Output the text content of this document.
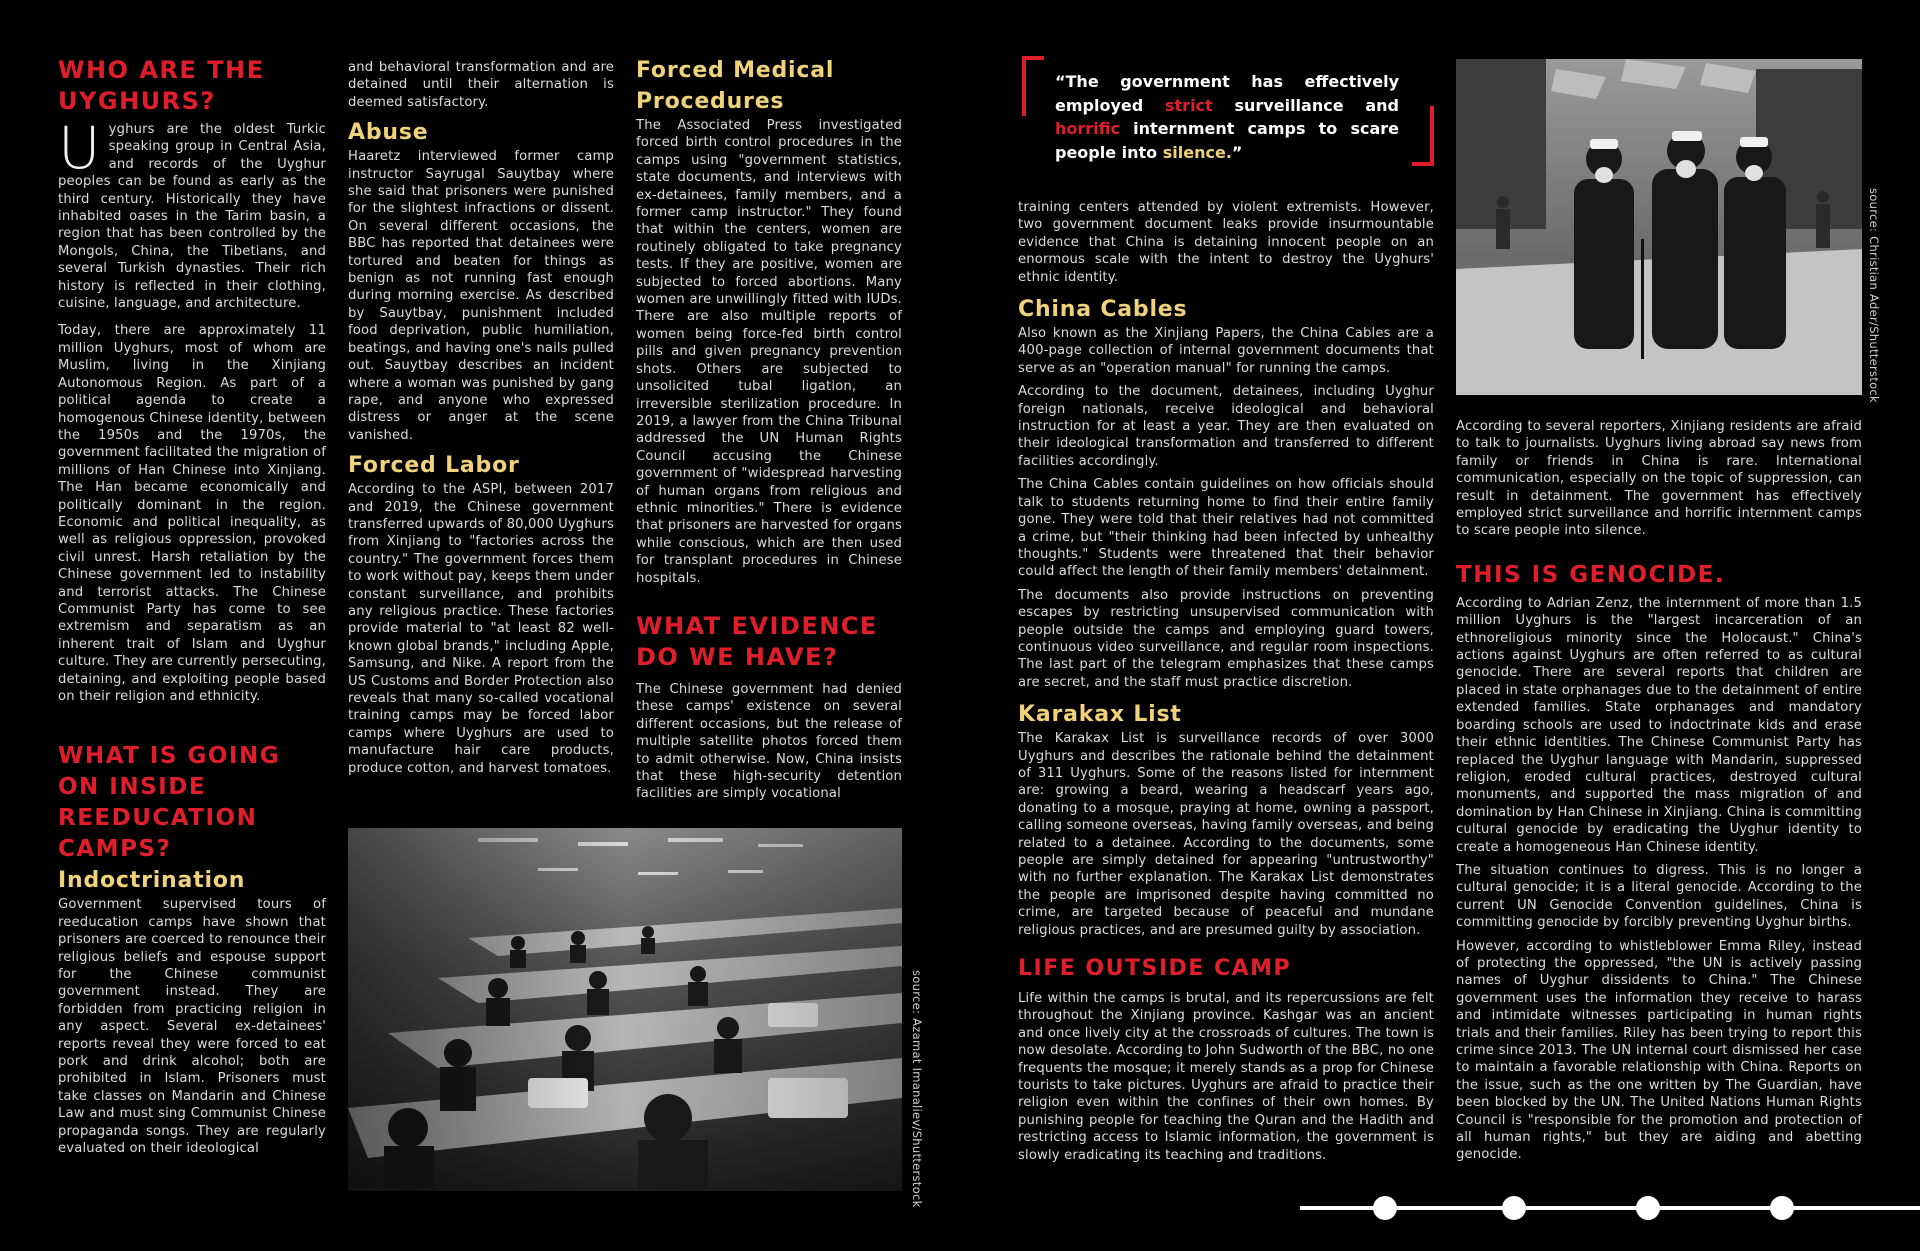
WHO ARE THE UYGHURS?

Uyghurs are the oldest Turkic speaking group in Central Asia, and records of the Uyghur peoples can be found as early as the third century. Historically they have inhabited oases in the Tarim basin, a region that has been controlled by the Mongols, China, the Tibetians, and several Turkish dynasties. Their rich history is reflected in their clothing, cuisine, language, and architecture.

Today, there are approximately 11 million Uyghurs, most of whom are Muslim, living in the Xinjiang Autonomous Region. As part of a political agenda to create a homogenous Chinese identity, between the 1950s and the 1970s, the government facilitated the migration of millions of Han Chinese into Xinjiang. The Han became economically and politically dominant in the region. Economic and political inequality, as well as religious oppression, provoked civil unrest. Harsh retaliation by the Chinese government led to instability and terrorist attacks. The Chinese Communist Party has come to see extremism and separatism as an inherent trait of Islam and Uyghur culture. They are currently persecuting, detaining, and exploiting people based on their religion and ethnicity.

WHAT IS GOING ON INSIDE REEDUCATION CAMPS?
Indoctrination

Government supervised tours of reeducation camps have shown that prisoners are coerced to renounce their religious beliefs and espouse support for the Chinese communist government instead. They are forbidden from practicing religion in any aspect. Several ex-detainees' reports reveal they were forced to eat pork and drink alcohol; both are prohibited in Islam. Prisoners must take classes on Mandarin and Chinese Law and must sing Communist Chinese propaganda songs. They are regularly evaluated on their ideological

and behavioral transformation and are detained until their alternation is deemed satisfactory.

Abuse

Haaretz interviewed former camp instructor Sayrugal Sauytbay where she said that prisoners were punished for the slightest infractions or dissent. On several different occasions, the BBC has reported that detainees were tortured and beaten for things as benign as not running fast enough during morning exercise. As described by Sauytbay, punishment included food deprivation, public humiliation, beatings, and having one's nails pulled out. Sauytbay describes an incident where a woman was punished by gang rape, and anyone who expressed distress or anger at the scene vanished.

Forced Labor

According to the ASPI, between 2017 and 2019, the Chinese government transferred upwards of 80,000 Uyghurs from Xinjiang to "factories across the country." The government forces them to work without pay, keeps them under constant surveillance, and prohibits any religious practice. These factories provide material to "at least 82 well-known global brands," including Apple, Samsung, and Nike. A report from the US Customs and Border Protection also reveals that many so-called vocational training camps may be forced labor camps where Uyghurs are used to manufacture hair care products, produce cotton, and harvest tomatoes.

source: Azamat Imanaliev/Shutterstock
Forced Medical Procedures

The Associated Press investigated forced birth control procedures in the camps using "government statistics, state documents, and interviews with ex-detainees, family members, and a former camp instructor." They found that within the centers, women are routinely obligated to take pregnancy tests. If they are positive, women are subjected to forced abortions. Many women are unwillingly fitted with IUDs. There are also multiple reports of women being force-fed birth control pills and given pregnancy prevention shots. Others are subjected to unsolicited tubal ligation, an irreversible sterilization procedure. In 2019, a lawyer from the China Tribunal addressed the UN Human Rights Council accusing the Chinese government of "widespread harvesting of human organs from religious and ethnic minorities." There is evidence that prisoners are harvested for organs while conscious, which are then used for transplant procedures in Chinese hospitals.

WHAT EVIDENCE DO WE HAVE?

The Chinese government had denied these camps' existence on several different occasions, but the release of multiple satellite photos forced them to admit otherwise. Now, China insists that these high-security detention facilities are simply vocational

“The government has effectively employed strict surveillance and horrific internment camps to scare people into silence.”

training centers attended by violent extremists. However, two government document leaks provide insurmountable evidence that China is detaining innocent people on an enormous scale with the intent to destroy the Uyghurs' ethnic identity.

China Cables

Also known as the Xinjiang Papers, the China Cables are a 400-page collection of internal government documents that serve as an "operation manual" for running the camps.

According to the document, detainees, including Uyghur foreign nationals, receive ideological and behavioral instruction for at least a year. They are then evaluated on their ideological transformation and transferred to different facilities accordingly.

The China Cables contain guidelines on how officials should talk to students returning home to find their entire family gone. They were told that their relatives had not committed a crime, but "their thinking had been infected by unhealthy thoughts." Students were threatened that their behavior could affect the length of their family members' detainment.

The documents also provide instructions on preventing escapes by restricting unsupervised communication with people outside the camps and employing guard towers, continuous video surveillance, and regular room inspections. The last part of the telegram emphasizes that these camps are secret, and the staff must practice discretion.

Karakax List

The Karakax List is surveillance records of over 3000 Uyghurs and describes the rationale behind the detainment of 311 Uyghurs. Some of the reasons listed for internment are: growing a beard, wearing a headscarf years ago, donating to a mosque, praying at home, owning a passport, calling someone overseas, having family overseas, and being related to a detainee. According to the documents, some people are simply detained for appearing "untrustworthy" with no further explanation. The Karakax List demonstrates the people are imprisoned despite having committed no crime, are targeted because of peaceful and mundane religious practices, and are presumed guilty by association.

LIFE OUTSIDE CAMP

Life within the camps is brutal, and its repercussions are felt throughout the Xinjiang province. Kashgar was an ancient and once lively city at the crossroads of cultures. The town is now desolate. According to John Sudworth of the BBC, no one frequents the mosque; it merely stands as a prop for Chinese tourists to take pictures. Uyghurs are afraid to practice their religion even within the confines of their own homes. By punishing people for teaching the Quran and the Hadith and restricting access to Islamic information, the government is slowly eradicating its teaching and traditions.

source: Christian Ader/Shutterstock

According to several reporters, Xinjiang residents are afraid to talk to journalists. Uyghurs living abroad say news from family or friends in China is rare. International communication, especially on the topic of suppression, can result in detainment. The government has effectively employed strict surveillance and horrific internment camps to scare people into silence.

THIS IS GENOCIDE.

According to Adrian Zenz, the internment of more than 1.5 million Uyghurs is the "largest incarceration of an ethnoreligious minority since the Holocaust." China's actions against Uyghurs are often referred to as cultural genocide. There are several reports that children are placed in state orphanages due to the detainment of entire extended families. State orphanages and mandatory boarding schools are used to indoctrinate kids and erase their ethnic identities. The Chinese Communist Party has replaced the Uyghur language with Mandarin, suppressed religion, eroded cultural practices, destroyed cultural monuments, and supported the mass migration of and domination by Han Chinese in Xinjiang. China is committing cultural genocide by eradicating the Uyghur identity to create a homogeneous Han Chinese identity.

The situation continues to digress. This is no longer a cultural genocide; it is a literal genocide. According to the current UN Genocide Convention guidelines, China is committing genocide by forcibly preventing Uyghur births.

However, according to whistleblower Emma Riley, instead of protecting the oppressed, "the UN is actively passing names of Uyghur dissidents to China." The Chinese government uses the information they receive to harass and intimidate witnesses participating in human rights trials and their families. Riley has been trying to report this crime since 2013. The UN internal court dismissed her case to maintain a favorable relationship with China. Reports on the issue, such as the one written by The Guardian, have been blocked by the UN. The United Nations Human Rights Council is "responsible for the promotion and protection of all human rights," but they are aiding and abetting genocide.
